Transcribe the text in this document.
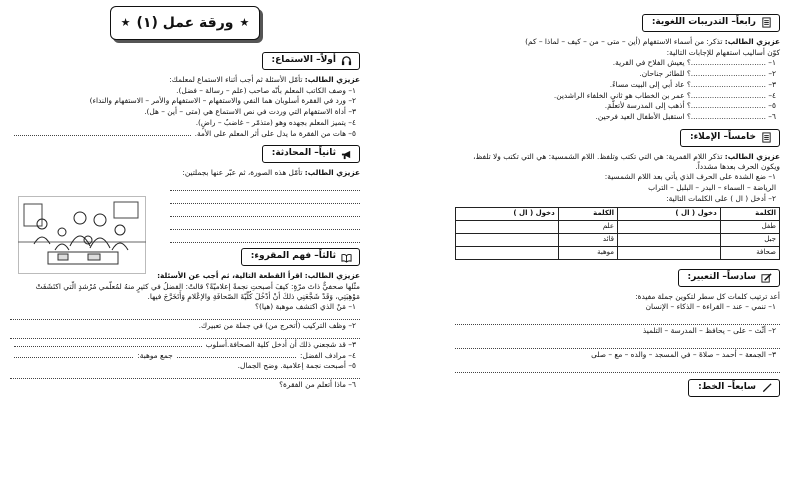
رابعاً– التدريبات اللغوية:
عزيزي الطالب: تذكر: من أسماء الاستفهام (أين – متى – من – كيف – لماذا – كم)
كوّن أساليب استفهام للإجابات التالية:
١– ................................؟ يعيش الفلاح في القرية.
٢– ................................؟ للطائر جناحان.
٣– ................................؟ عاد أبي إلى البيت مساءً.
٤– ................................؟ عمر بن الخطاب هو ثاني الخلفاء الراشدين.
٥– ................................؟ أذهب إلى المدرسة لأتعلّمَ.
٦– ................................؟ استقبل الأطفال العيد فرحين.
خامساً– الإملاء:
عزيزي الطالب: تذكر اللام القمرية: هي التي تكتب وتلفظ. اللام الشمسية: هي التي تكتب ولا تلفظ، ويكون الحرف بعدها مشدداً.
١– ضع الشدة على الحرف الذي يأتي بعد اللام الشمسية:
الرياضة – السماء – البدر – البلبل – التراب
٢– أدخل ( ال ) على الكلمات التالية:
الكلمة	دخول ( ال )	الكلمة	دخول ( ال )
طفل		علم	
جبل		قائد	
صحافة		موهبة	
سادساً– التعبير:
أعد ترتيب كلمات كل سطر لتكوين جملة مفيدة:
١– تنمي – عند – القراءة – الذكاء – الإنسان
٢– أثّث – على – يحافظ – المدرسة – التلميذ
٣– الجمعة – أحمد – صلاةَ – في المسجد – والده – مع – صلى
سابعاً– الخط:
★
ورقة عمل (١)
★
أولاً– الاستماع:
عزيزي الطالب: تأمّل الأسئلة ثم أجب أثناء الاستماع لمعلمك:
١– وصف الكاتب المعلم بأنّه صاحب (علم – رسالة – فضل).
٢– ورد في الفقرة أسلوبان هما النفي والاستفهام – الاستفهام والأمر – الاستفهام والنداء)
٣– أداة الاستفهام التي وردت في نص الاستماع هي (متى – أين – هل).
٤– يتميز المعلم بجهده وهو (متذمّر – غاضبٌ – راضٍ).
٥– هات من الفقرة ما يدل على أثر المعلم على الأمة.
ثانياً– المحادثة:
عزيزي الطالب: تأمّل هذه الصورة، ثم عبّر عنها بجملتين:
ثالثاً– فهم المقروء:
عزيزي الطالب: اقرأ القطعة التالية، ثم أجب عن الأسئلة:
مثّلها صحفيٌّ ذاتَ مرّةٍ: كيفَ أصبحتِ نجمةً إعلاميّةً؟ قالتْ: الفضلُ في كثيرٍ منهُ لمُعلّمي مُرْشدٍ الّتي اكتَشَفَتْ مَوْهِبَتِي، وَقَدْ شَجَّعَنِي ذلكَ أنْ أدْخُلَ كُلّيّةَ الصّحافَةِ والإعْلامِ وَأَتَخَرَّجَ فيها.
١– مَنْ الذي اكتشف موهبة (هيا)؟
٢– وظف التركيب (أتخرج من) في جملة من تعبيرك.
٣– قد شجعني ذلك أن أدخل كلية الصحافة.
أسلوب
٤– مرادف الفضل:
جمع موهبة:
٥– أصبحت نجمة إعلامية. وضح الجمال.
٦– ماذا أتعلم من الفقرة؟
